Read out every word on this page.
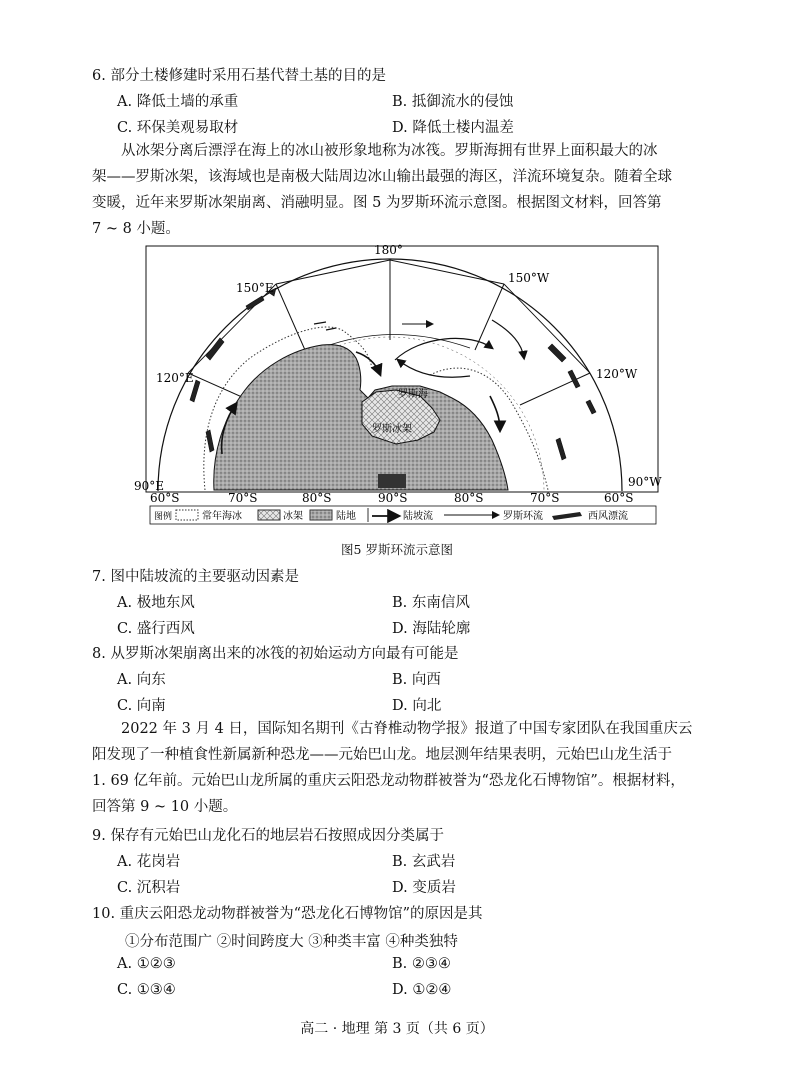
6. 部分土楼修建时采用石基代替土基的目的是
A. 降低土墙的承重	B. 抵御流水的侵蚀
C. 环保美观易取材	D. 降低土楼内温差
从冰架分离后漂浮在海上的冰山被形象地称为冰筏。罗斯海拥有世界上面积最大的冰
架——罗斯冰架，该海域也是南极大陆周边冰山输出最强的海区，洋流环境复杂。随着全球
变暖，近年来罗斯冰架崩离、消融明显。图 5 为罗斯环流示意图。根据图文材料，回答第
7 ~ 8 小题。
180°
150°E
150°W
120°E	120°W
90°E	90°W
罗斯海
罗斯冰架
60°S	70°S	80°S	90°S	80°S	70°S	60°S
图例	常年海冰	冰架	陆地	陆坡流	罗斯环流	西风漂流
图5 罗斯环流示意图
7. 图中陆坡流的主要驱动因素是
A. 极地东风	B. 东南信风
C. 盛行西风	D. 海陆轮廓
8. 从罗斯冰架崩离出来的冰筏的初始运动方向最有可能是
A. 向东	B. 向西
C. 向南	D. 向北
2022 年 3 月 4 日，国际知名期刊《古脊椎动物学报》报道了中国专家团队在我国重庆云
阳发现了一种植食性新属新种恐龙——元始巴山龙。地层测年结果表明，元始巴山龙生活于
1. 69 亿年前。元始巴山龙所属的重庆云阳恐龙动物群被誉为“恐龙化石博物馆”。根据材料，
回答第 9 ~ 10 小题。
9. 保存有元始巴山龙化石的地层岩石按照成因分类属于
A. 花岗岩	B. 玄武岩
C. 沉积岩	D. 变质岩
10. 重庆云阳恐龙动物群被誉为“恐龙化石博物馆”的原因是其
①分布范围广 ②时间跨度大 ③种类丰富 ④种类独特
A. ①②③	B. ②③④
C. ①③④	D. ①②④
高二 · 地理 第 3 页（共 6 页）
